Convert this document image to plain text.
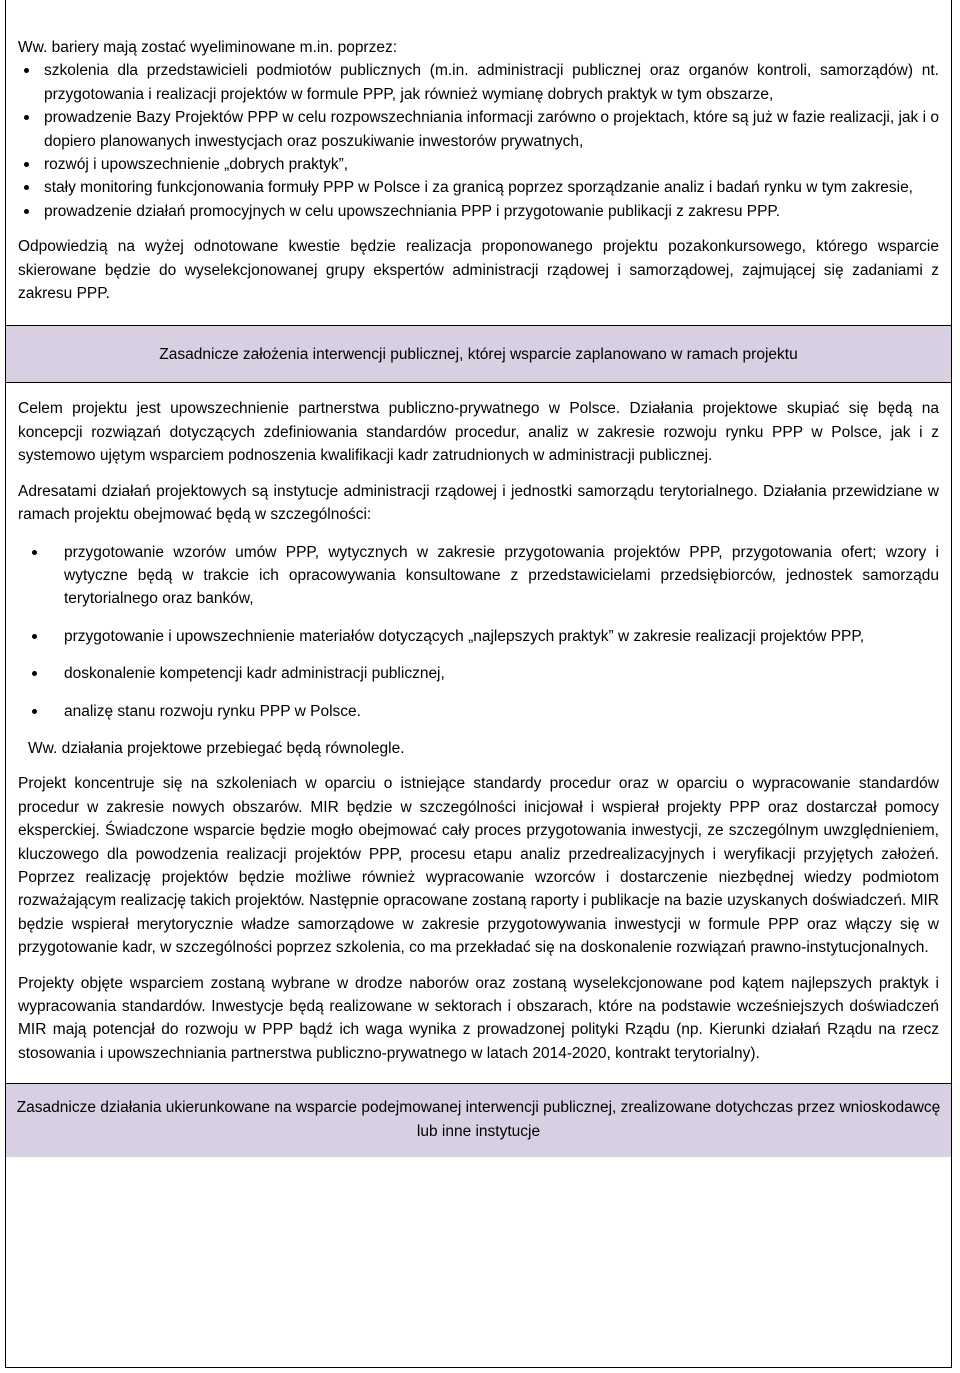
Ww. bariery mają zostać wyeliminowane m.in. poprzez:

szkolenia dla przedstawicieli podmiotów publicznych (m.in. administracji publicznej oraz organów kontroli, samorządów) nt. przygotowania i realizacji projektów w formule PPP, jak również wymianę dobrych praktyk w tym obszarze,
prowadzenie Bazy Projektów PPP w celu rozpowszechniania informacji zarówno o projektach, które są już w fazie realizacji, jak i o dopiero planowanych inwestycjach oraz poszukiwanie inwestorów prywatnych,
rozwój i upowszechnienie „dobrych praktyk”,
stały monitoring funkcjonowania formuły PPP w Polsce i za granicą poprzez sporządzanie analiz i badań rynku w tym zakresie,
prowadzenie działań promocyjnych w celu upowszechniania PPP i przygotowanie publikacji z zakresu PPP.

Odpowiedzią na wyżej odnotowane kwestie będzie realizacja proponowanego projektu pozakonkursowego, którego wsparcie skierowane będzie do wyselekcjonowanej grupy ekspertów administracji rządowej i samorządowej, zajmującej się zadaniami z zakresu PPP.

Zasadnicze założenia interwencji publicznej, której wsparcie zaplanowano w ramach projektu

Celem projektu jest upowszechnienie partnerstwa publiczno-prywatnego w Polsce. Działania projektowe skupiać się będą na koncepcji rozwiązań dotyczących zdefiniowania standardów procedur, analiz w zakresie rozwoju rynku PPP w Polsce, jak i z systemowo ujętym wsparciem podnoszenia kwalifikacji kadr zatrudnionych w administracji publicznej.

Adresatami działań projektowych są instytucje administracji rządowej i jednostki samorządu terytorialnego. Działania przewidziane w ramach projektu obejmować będą w szczególności:

przygotowanie wzorów umów PPP, wytycznych w zakresie przygotowania projektów PPP, przygotowania ofert; wzory i wytyczne będą w trakcie ich opracowywania konsultowane z przedstawicielami przedsiębiorców, jednostek samorządu terytorialnego oraz banków,
przygotowanie i upowszechnienie materiałów dotyczących „najlepszych praktyk” w zakresie realizacji projektów PPP,
doskonalenie kompetencji kadr administracji publicznej,
analizę stanu rozwoju rynku PPP w Polsce.

Ww. działania projektowe przebiegać będą równolegle.

Projekt koncentruje się na szkoleniach w oparciu o istniejące standardy procedur oraz w oparciu o wypracowanie standardów procedur w zakresie nowych obszarów. MIR będzie w szczególności inicjował i wspierał projekty PPP oraz dostarczał pomocy eksperckiej. Świadczone wsparcie będzie mogło obejmować cały proces przygotowania inwestycji, ze szczególnym uwzględnieniem, kluczowego dla powodzenia realizacji projektów PPP, procesu etapu analiz przedrealizacyjnych i weryfikacji przyjętych założeń. Poprzez realizację projektów będzie możliwe również wypracowanie wzorców i dostarczenie niezbędnej wiedzy podmiotom rozważającym realizację takich projektów. Następnie opracowane zostaną raporty i publikacje na bazie uzyskanych doświadczeń. MIR będzie wspierał merytorycznie władze samorządowe w zakresie przygotowywania inwestycji w formule PPP oraz włączy się w przygotowanie kadr, w szczególności poprzez szkolenia, co ma przekładać się na doskonalenie rozwiązań prawno-instytucjonalnych.

Projekty objęte wsparciem zostaną wybrane w drodze naborów oraz zostaną wyselekcjonowane pod kątem najlepszych praktyk i wypracowania standardów. Inwestycje będą realizowane w sektorach i obszarach, które na podstawie wcześniejszych doświadczeń MIR mają potencjał do rozwoju w PPP bądź ich waga wynika z prowadzonej polityki Rządu (np. Kierunki działań Rządu na rzecz stosowania i upowszechniania partnerstwa publiczno-prywatnego w latach 2014-2020, kontrakt terytorialny).

Zasadnicze działania ukierunkowane na wsparcie podejmowanej interwencji publicznej, zrealizowane dotychczas przez wnioskodawcę lub inne instytucje
